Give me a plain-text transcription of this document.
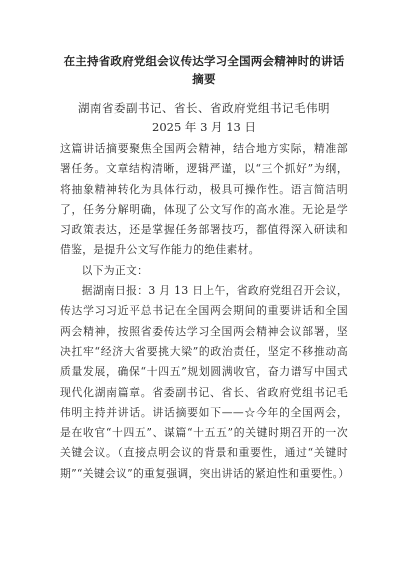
在主持省政府党组会议传达学习全国两会精神时的讲话摘要

湖南省委副书记、省长、省政府党组书记毛伟明

2025 年 3 月 13 日

这篇讲话摘要聚焦全国两会精神，结合地方实际，精准部署任务。文章结构清晰，逻辑严谨，以“三个抓好”为纲，将抽象精神转化为具体行动，极具可操作性。语言简洁明了，任务分解明确，体现了公文写作的高水准。无论是学习政策表达，还是掌握任务部署技巧，都值得深入研读和借鉴，是提升公文写作能力的绝佳素材。

以下为正文：

据湖南日报：3 月 13 日上午，省政府党组召开会议，传达学习习近平总书记在全国两会期间的重要讲话和全国两会精神，按照省委传达学习全国两会精神会议部署，坚决扛牢“经济大省要挑大梁”的政治责任，坚定不移推动高质量发展，确保“十四五”规划圆满收官，奋力谱写中国式现代化湖南篇章。省委副书记、省长、省政府党组书记毛伟明主持并讲话。讲话摘要如下——☆今年的全国两会，是在收官“十四五”、谋篇“十五五”的关键时期召开的一次关键会议。（直接点明会议的背景和重要性，通过“关键时期”“关键会议”的重复强调，突出讲话的紧迫性和重要性。）
